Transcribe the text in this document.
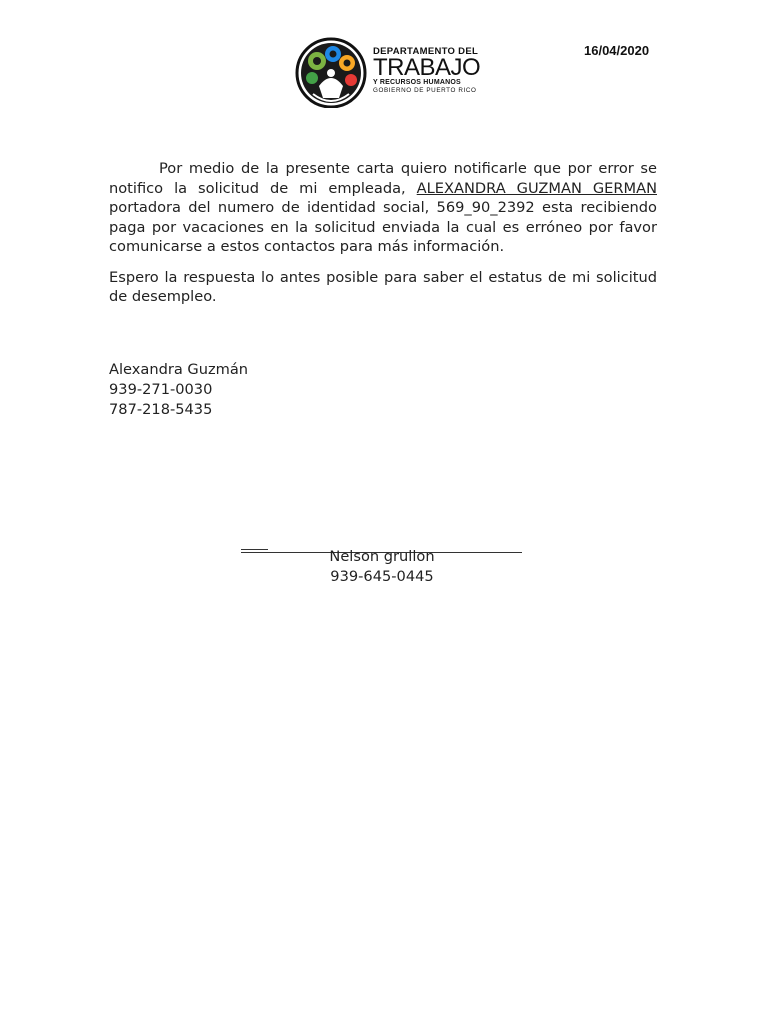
DEPARTAMENTO DEL
TRABAJO
Y RECURSOS HUMANOS
GOBIERNO DE PUERTO RICO
16/04/2020

Por medio de la presente carta quiero notificarle que por error se notifico la solicitud de mi empleada, ALEXANDRA GUZMAN GERMAN portadora del numero de identidad social, 569_90_2392 esta recibiendo paga por vacaciones en la solicitud enviada la cual es erróneo por favor comunicarse a estos contactos para más información.

Espero la respuesta lo antes posible para saber el estatus de mi solicitud de desempleo.

Alexandra Guzmán
939-271-0030
787-218-5435
Nelson grullon
939-645-0445
